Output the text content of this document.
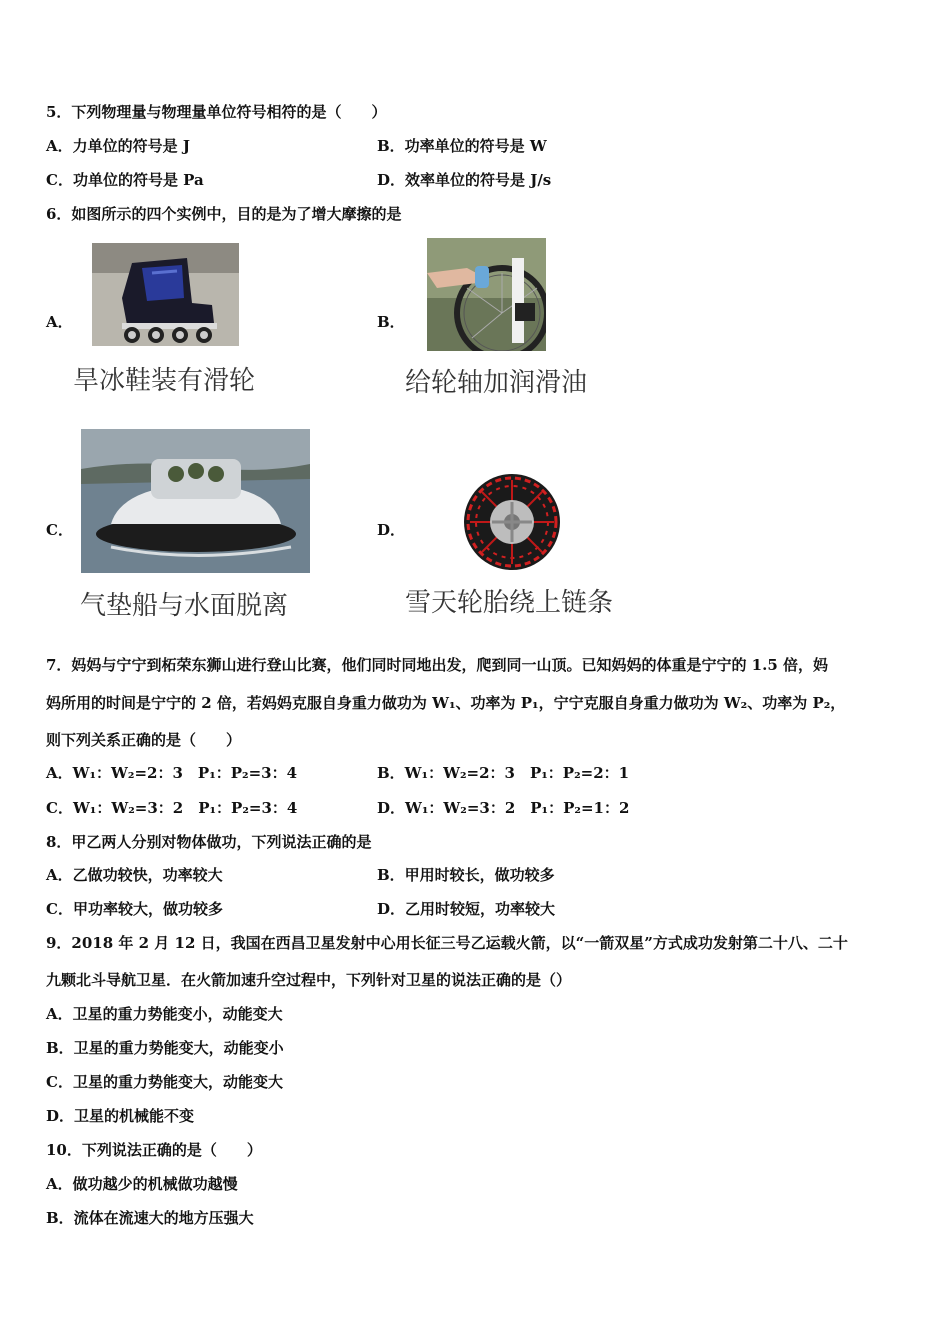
5．下列物理量与物理量单位符号相符的是（　　）
A．力单位的符号是 J	B．功率单位的符号是 W
C．功单位的符号是 Pa	D．效率单位的符号是 J/s
6．如图所示的四个实例中，目的是为了增大摩擦的是
A．
旱冰鞋装有滑轮
B．
给轮轴加润滑油
C．
气垫船与水面脱离
D．
雪天轮胎绕上链条
7．妈妈与宁宁到柘荣东狮山进行登山比赛，他们同时同地出发，爬到同一山顶。已知妈妈的体重是宁宁的 1.5 倍，妈
妈所用的时间是宁宁的 2 倍，若妈妈克服自身重力做功为 W₁、功率为 P₁，宁宁克服自身重力做功为 W₂、功率为 P₂，
则下列关系正确的是（　　）
A．W₁：W₂=2：3　P₁：P₂=3：4	B．W₁：W₂=2：3　P₁：P₂=2：1
C．W₁：W₂=3：2　P₁：P₂=3：4	D．W₁：W₂=3：2　P₁：P₂=1：2
8．甲乙两人分别对物体做功，下列说法正确的是
A．乙做功较快，功率较大	B．甲用时较长，做功较多
C．甲功率较大，做功较多	D．乙用时较短，功率较大
9．2018 年 2 月 12 日，我国在西昌卫星发射中心用长征三号乙运载火箭，以“一箭双星”方式成功发射第二十八、二十
九颗北斗导航卫星．在火箭加速升空过程中，下列针对卫星的说法正确的是（）
A．卫星的重力势能变小，动能变大
B．卫星的重力势能变大，动能变小
C．卫星的重力势能变大，动能变大
D．卫星的机械能不变
10．下列说法正确的是（　　）
A．做功越少的机械做功越慢
B．流体在流速大的地方压强大
